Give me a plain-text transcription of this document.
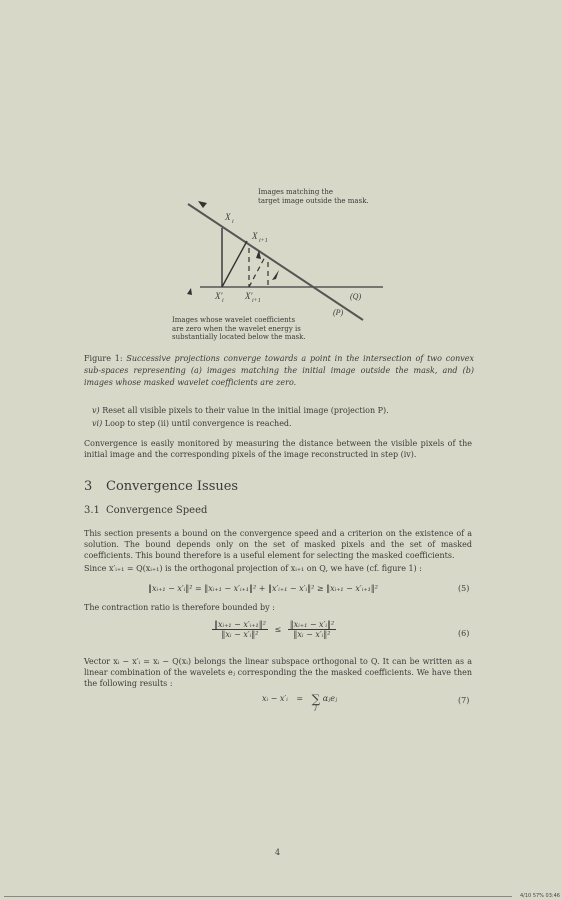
X i
X i+1
X' i X' i+1	(Q)
(P)
Images matching the
target image outside the mask.
Images whose wavelet coefficients
are zero when the wavelet energy is
substantially located below the mask.
Figure 1: Successive projections converge towards a point in the intersection of two convex sub-spaces representing (a) images matching the initial image outside the mask, and (b) images whose masked wavelet coefficients are zero.
v) Reset all visible pixels to their value in the initial image (projection P).
vi) Loop to step (ii) until convergence is reached.
Convergence is easily monitored by measuring the distance between the visible pixels of the initial image and the corresponding pixels of the image reconstructed in step (iv).
3 Convergence Issues
3.1 Convergence Speed
This section presents a bound on the convergence speed and a criterion on the existence of a solution. The bound depends only on the set of masked pixels and the set of masked coefficients. This bound therefore is a useful element for selecting the masked coefficients.
Since x′ᵢ₊₁ = Q(xᵢ₊₁) is the orthogonal projection of xᵢ₊₁ on Q, we have (cf. figure 1) :
‖xᵢ₊₁ − x′ᵢ‖² = ‖xᵢ₊₁ − x′ᵢ₊₁‖² + ‖x′ᵢ₊₁ − x′ᵢ‖² ≥ ‖xᵢ₊₁ − x′ᵢ₊₁‖²	(5)
The contraction ratio is therefore bounded by :
$\frac{\text{‖xᵢ₊₁ − x′ᵢ₊₁‖²}}{\text{‖xᵢ − x′ᵢ‖²}} \le \frac{\text{‖xᵢ₊₁ − x′ᵢ‖²}}{\text{‖xᵢ − x′ᵢ‖²}}$	(6)
Vector xᵢ − x′ᵢ = xᵢ − Q(xᵢ) belongs the linear subspace orthogonal to Q. It can be written as a linear combination of the wavelets eⱼ corresponding the the masked coefficients. We have then the following results :
xᵢ − x′ᵢ = ∑
j
αⱼeⱼ	(7)
4
4/10 57% 03:46
